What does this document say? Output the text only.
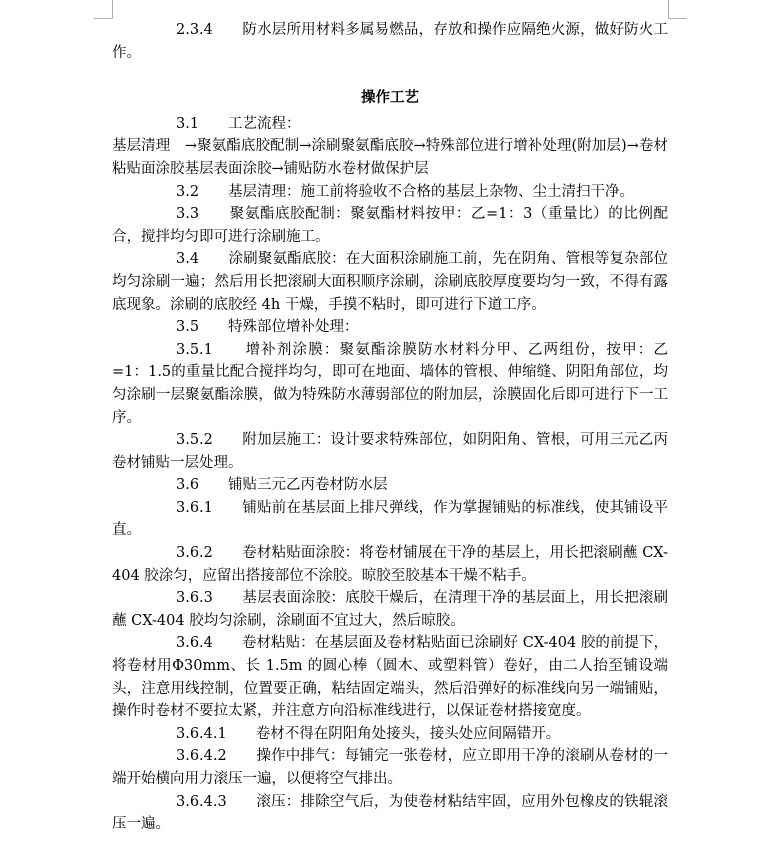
2.3.4　　防水层所用材料多属易燃品，存放和操作应隔绝火源，做好防火工作。

操作工艺

3.1　　工艺流程：

基层清理　→聚氨酯底胶配制→涂刷聚氨酯底胶→特殊部位进行增补处理(附加层)→卷材粘贴面涂胶基层表面涂胶→铺贴防水卷材做保护层

3.2　　基层清理：施工前将验收不合格的基层上杂物、尘土清扫干净。

3.3　　聚氨酯底胶配制：聚氨酯材料按甲：乙=1：3（重量比）的比例配合，搅拌均匀即可进行涂刷施工。

3.4　　涂刷聚氨酯底胶：在大面积涂刷施工前，先在阴角、管根等复杂部位均匀涂刷一遍；然后用长把滚刷大面积顺序涂刷，涂刷底胶厚度要均匀一致，不得有露底现象。涂刷的底胶经 4h 干燥，手摸不粘时，即可进行下道工序。

3.5　　特殊部位增补处理：

3.5.1　　增补剂涂膜：聚氨酯涂膜防水材料分甲、乙两组份，按甲：乙=1：1.5的重量比配合搅拌均匀，即可在地面、墙体的管根、伸缩缝、阴阳角部位，均匀涂刷一层聚氨酯涂膜，做为特殊防水薄弱部位的附加层，涂膜固化后即可进行下一工序。

3.5.2　　附加层施工：设计要求特殊部位，如阴阳角、管根，可用三元乙丙卷材铺贴一层处理。

3.6　　铺贴三元乙丙卷材防水层

3.6.1　　铺贴前在基层面上排尺弹线，作为掌握铺贴的标准线，使其铺设平直。

3.6.2　　卷材粘贴面涂胶：将卷材铺展在干净的基层上，用长把滚刷蘸 CX-404 胶涂匀，应留出搭接部位不涂胶。晾胶至胶基本干燥不粘手。

3.6.3　　基层表面涂胶：底胶干燥后，在清理干净的基层面上，用长把滚刷蘸 CX-404 胶均匀涂刷，涂刷面不宜过大，然后晾胶。

3.6.4　　卷材粘贴：在基层面及卷材粘贴面已涂刷好 CX-404 胶的前提下，将卷材用Φ30mm、长 1.5m 的圆心棒（圆木、或塑料管）卷好，由二人抬至铺设端头，注意用线控制，位置要正确，粘结固定端头，然后沿弹好的标准线向另一端铺贴，操作时卷材不要拉太紧，并注意方向沿标准线进行，以保证卷材搭接宽度。

3.6.4.1　　卷材不得在阴阳角处接头，接头处应间隔错开。

3.6.4.2　　操作中排气：每铺完一张卷材，应立即用干净的滚刷从卷材的一端开始横向用力滚压一遍，以便将空气排出。

3.6.4.3　　滚压：排除空气后，为使卷材粘结牢固，应用外包橡皮的铁辊滚压一遍。
